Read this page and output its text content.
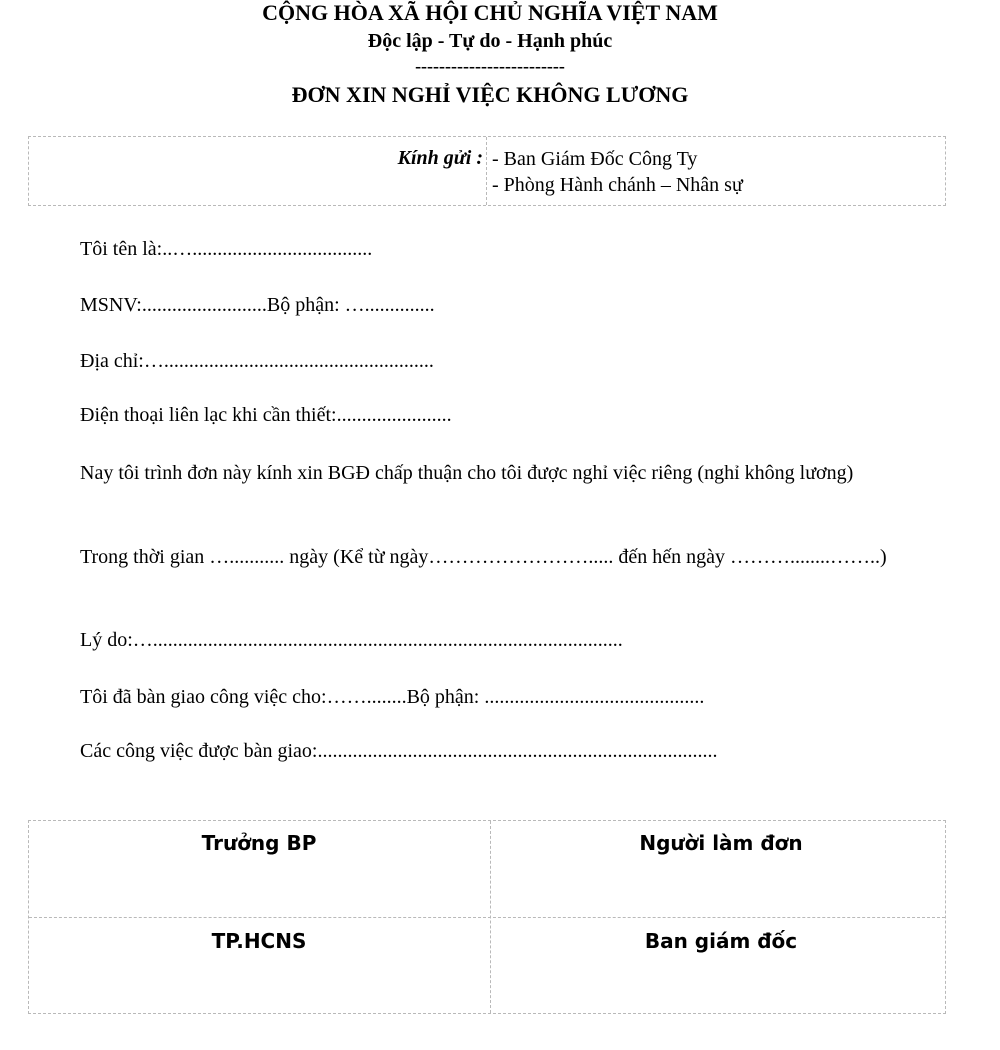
CỘNG HÒA XÃ HỘI CHỦ NGHĨA VIỆT NAM
Độc lập - Tự do - Hạnh phúc
-------------------------
ĐƠN XIN NGHỈ VIỆC KHÔNG LƯƠNG
Kính gửi : - Ban Giám Đốc Công Ty
- Phòng Hành chánh – Nhân sự
Tôi tên là:..…....................................
MSNV:.........................Bộ phận: …..............
Địa chỉ:…......................................................
Điện thoại liên lạc khi cần thiết:.......................
Nay tôi trình đơn này kính xin BGĐ chấp thuận cho tôi được nghỉ việc riêng (nghỉ không lương)
Trong thời gian …........... ngày (Kể từ ngày……………………..... đến hến ngày ………........……..)
Lý do:…..............................................................................................
Tôi đã bàn giao công việc cho:……........Bộ phận: ............................................
Các công việc được bàn giao:................................................................................
Trưởng BP	Người làm đơn
TP.HCNS	Ban giám đốc
